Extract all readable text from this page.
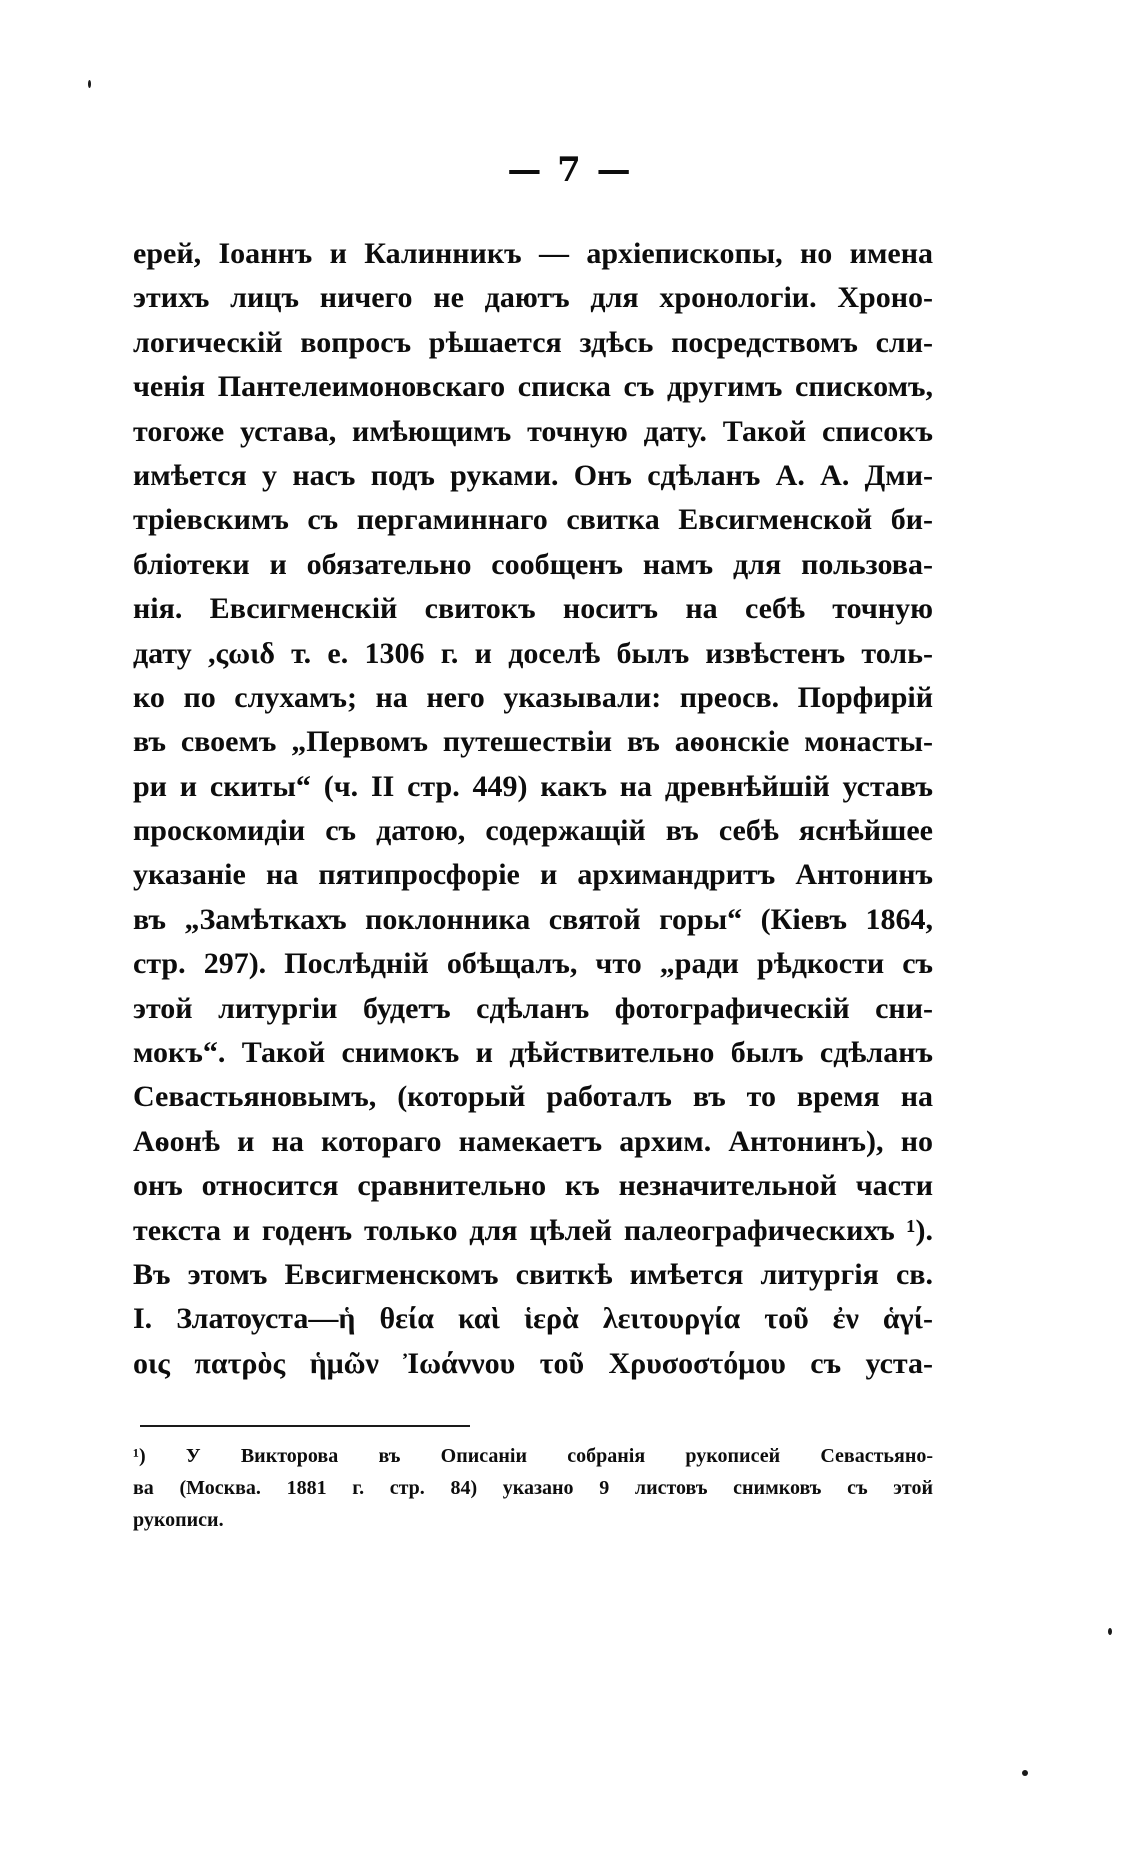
— 7 —
ерей, Іоаннъ и Калинникъ — архіепископы, но имена
этихъ лицъ ничего не даютъ для хронологіи. Хроно-
логическій вопросъ рѣшается здѣсь посредствомъ сли-
ченія Пантелеимоновскаго списка съ другимъ спискомъ,
тогоже устава, имѣющимъ точную дату. Такой списокъ
имѣется у насъ подъ руками. Онъ сдѣланъ А. А. Дми-
тріевскимъ съ пергаминнаго свитка Евсигменской би-
бліотеки и обязательно сообщенъ намъ для пользова-
нія. Евсигменскій свитокъ носитъ на себѣ точную
дату ,ςωιδ т. е. 1306 г. и доселѣ былъ извѣстенъ толь-
ко по слухамъ; на него указывали: преосв. Порфирій
въ своемъ „Первомъ путешествіи въ аѳонскіе монасты-
ри и скиты“ (ч. II стр. 449) какъ на древнѣйшій уставъ
проскомидіи съ датою, содержащій въ себѣ яснѣйшее
указаніе на пятипросфоріе и архимандритъ Антонинъ
въ „Замѣткахъ поклонника святой горы“ (Кіевъ 1864,
стр. 297). Послѣдній обѣщалъ, что „ради рѣдкости съ
этой литургіи будетъ сдѣланъ фотографическій сни-
мокъ“. Такой снимокъ и дѣйствительно былъ сдѣланъ
Севастьяновымъ, (который работалъ въ то время на
Аѳонѣ и на котораго намекаетъ архим. Антонинъ), но
онъ относится сравнительно къ незначительной части
текста и годенъ только для цѣлей палеографическихъ ¹).
Въ этомъ Евсигменскомъ свиткѣ имѣется литургія св.
І. Златоуста—ἡ θεία καὶ ἱερὰ λειτουργία τοῦ ἐν ἁγί-
οις πατρὸς ἡμῶν Ἰωάννου τοῦ Χρυσοστόμου съ уста-
¹) У Викторова въ Описаніи собранія рукописей Севастьяно-
ва (Москва. 1881 г. стр. 84) указано 9 листовъ снимковъ съ этой
рукописи.
